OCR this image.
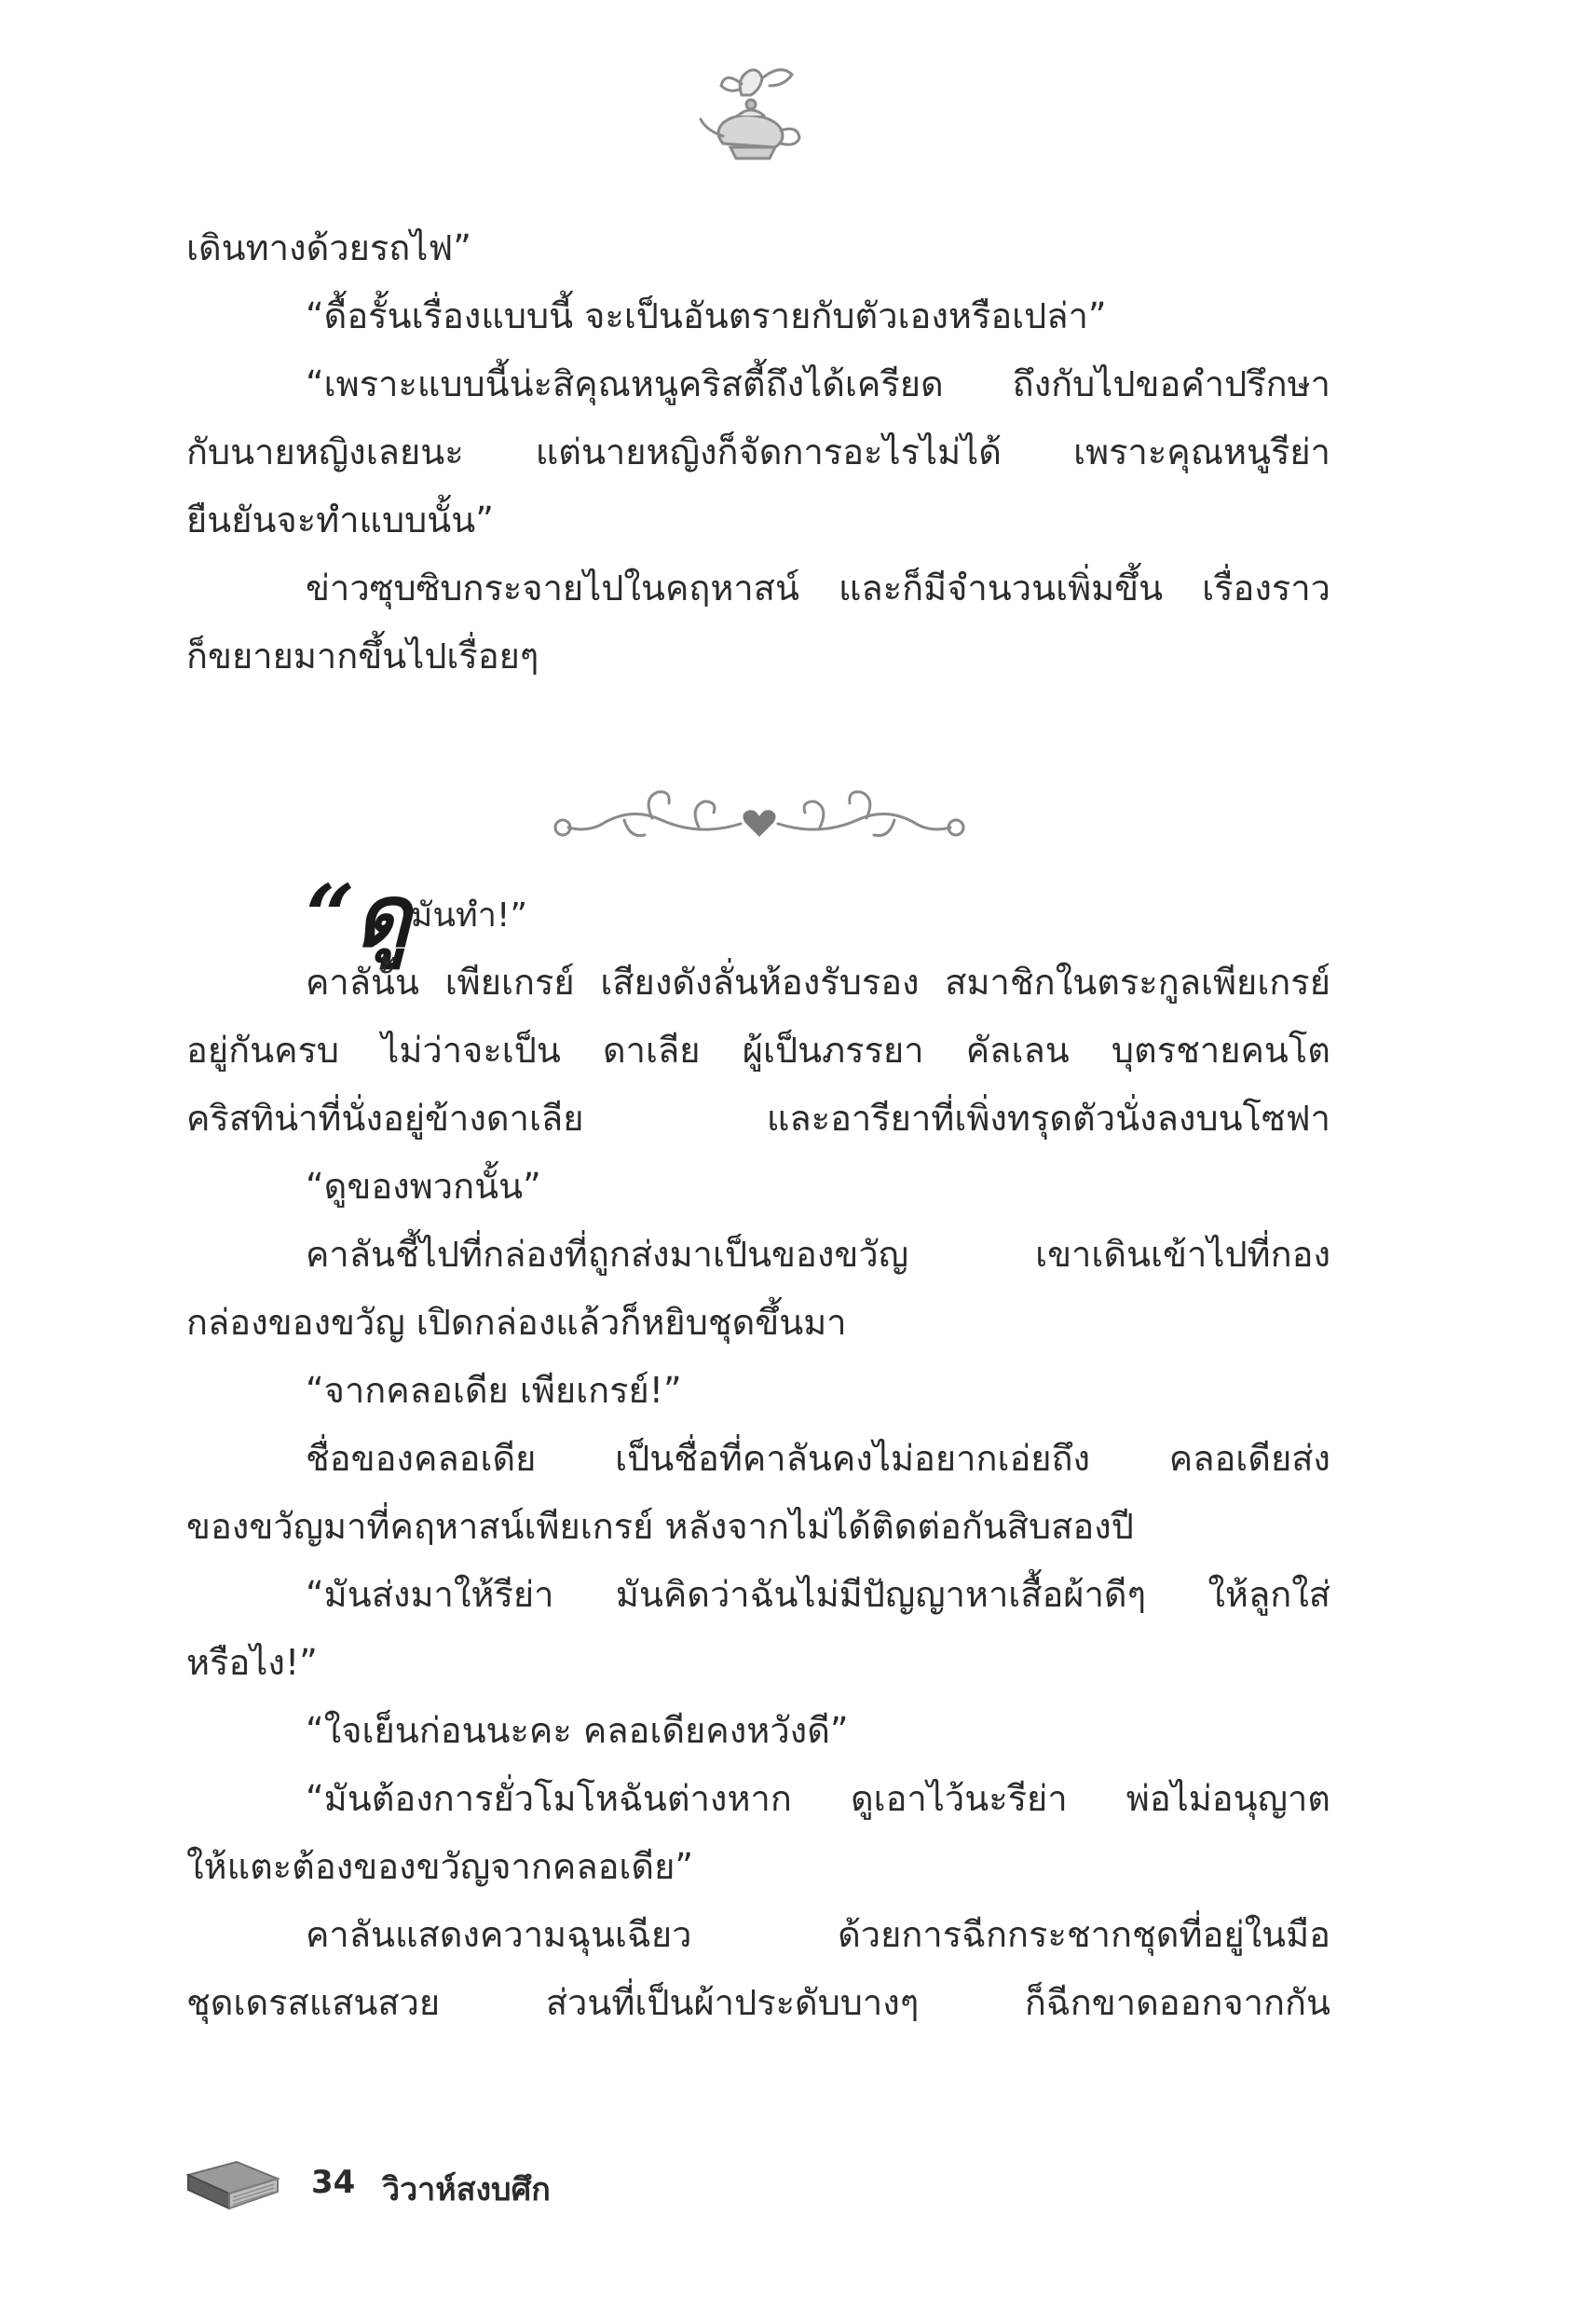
เดินทางด้วยรถไฟ”
“ดื้อรั้นเรื่องแบบนี้ จะเป็นอันตรายกับตัวเองหรือเปล่า”
“เพราะแบบนี้น่ะสิคุณหนูคริสตี้ถึงได้เครียด ถึงกับไปขอคำปรึกษา
กับนายหญิงเลยนะ แต่นายหญิงก็จัดการอะไรไม่ได้ เพราะคุณหนูรีย่า
ยืนยันจะทำแบบนั้น”
ข่าวซุบซิบกระจายไปในคฤหาสน์ และก็มีจำนวนเพิ่มขึ้น เรื่องราว
ก็ขยายมากขึ้นไปเรื่อยๆ
“ดูมันทำ!”
คาลันั้น เพียเกรย์ เสียงดังลั่นห้องรับรอง สมาชิกในตระกูลเพียเกรย์
อยู่กันครบ ไม่ว่าจะเป็น ดาเลีย ผู้เป็นภรรยา คัลเลน บุตรชายคนโต
คริสทิน่าที่นั่งอยู่ข้างดาเลีย และอารียาที่เพิ่งทรุดตัวนั่งลงบนโซฟา
“ดูของพวกนั้น”
คาลันชี้ไปที่กล่องที่ถูกส่งมาเป็นของขวัญ เขาเดินเข้าไปที่กอง
กล่องของขวัญ เปิดกล่องแล้วก็หยิบชุดขึ้นมา
“จากคลอเดีย เพียเกรย์!”
ชื่อของคลอเดีย เป็นชื่อที่คาลันคงไม่อยากเอ่ยถึง คลอเดียส่ง
ของขวัญมาที่คฤหาสน์เพียเกรย์ หลังจากไม่ได้ติดต่อกันสิบสองปี
“มันส่งมาให้รีย่า มันคิดว่าฉันไม่มีปัญญาหาเสื้อผ้าดีๆ ให้ลูกใส่
หรือไง!”
“ใจเย็นก่อนนะคะ คลอเดียคงหวังดี”
“มันต้องการยั่วโมโหฉันต่างหาก ดูเอาไว้นะรีย่า พ่อไม่อนุญาต
ให้แตะต้องของขวัญจากคลอเดีย”
คาลันแสดงความฉุนเฉียว ด้วยการฉีกกระชากชุดที่อยู่ในมือ
ชุดเดรสแสนสวย ส่วนที่เป็นผ้าประดับบางๆ ก็ฉีกขาดออกจากกัน
34 วิวาห์สงบศึก
